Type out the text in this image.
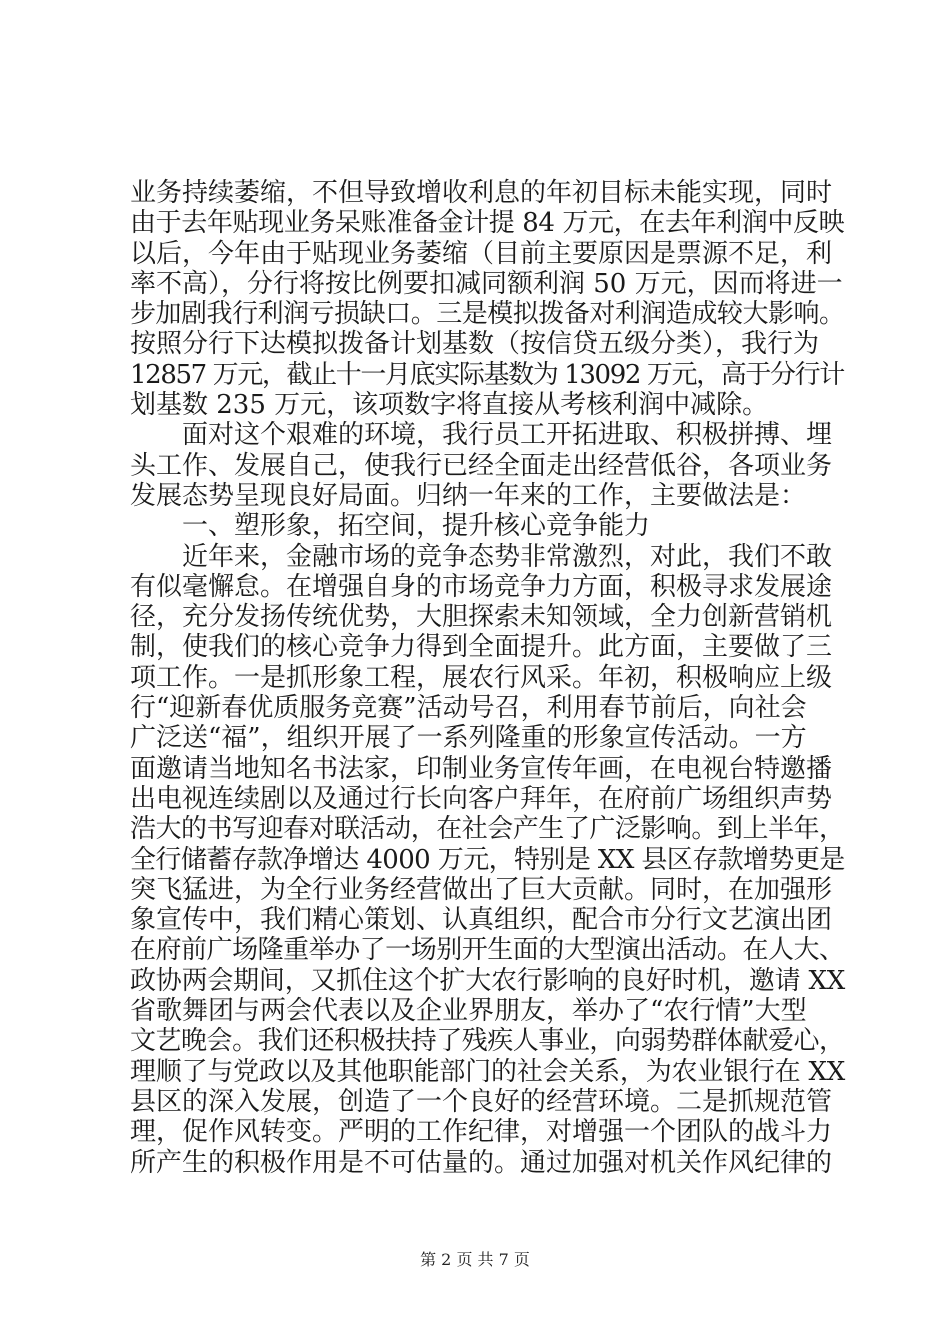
业务持续萎缩，不但导致增收利息的年初目标未能实现，同时
由于去年贴现业务呆账准备金计提 84 万元，在去年利润中反映
以后，今年由于贴现业务萎缩（目前主要原因是票源不足，利
率不高），分行将按比例要扣减同额利润 50 万元，因而将进一
步加剧我行利润亏损缺口。三是模拟拨备对利润造成较大影响。
按照分行下达模拟拨备计划基数（按信贷五级分类），我行为
12857 万元，截止十一月底实际基数为 13092 万元，高于分行计
划基数 235 万元，该项数字将直接从考核利润中减除。
　　面对这个艰难的环境，我行员工开拓进取、积极拼搏、埋
头工作、发展自己，使我行已经全面走出经营低谷，各项业务
发展态势呈现良好局面。归纳一年来的工作，主要做法是：
　　一、塑形象，拓空间，提升核心竞争能力
　　近年来，金融市场的竞争态势非常激烈，对此，我们不敢
有似毫懈怠。在增强自身的市场竞争力方面，积极寻求发展途
径，充分发扬传统优势，大胆探索未知领域，全力创新营销机
制，使我们的核心竞争力得到全面提升。此方面，主要做了三
项工作。一是抓形象工程，展农行风采。年初，积极响应上级
行“迎新春优质服务竞赛”活动号召，利用春节前后，向社会
广泛送“福”，组织开展了一系列隆重的形象宣传活动。一方
面邀请当地知名书法家，印制业务宣传年画，在电视台特邀播
出电视连续剧以及通过行长向客户拜年，在府前广场组织声势
浩大的书写迎春对联活动，在社会产生了广泛影响。到上半年，
全行储蓄存款净增达 4000 万元，特别是 XX 县区存款增势更是
突飞猛进，为全行业务经营做出了巨大贡献。同时，在加强形
象宣传中，我们精心策划、认真组织，配合市分行文艺演出团
在府前广场隆重举办了一场别开生面的大型演出活动。在人大、
政协两会期间，又抓住这个扩大农行影响的良好时机，邀请 XX
省歌舞团与两会代表以及企业界朋友，举办了“农行情”大型
文艺晚会。我们还积极扶持了残疾人事业，向弱势群体献爱心，
理顺了与党政以及其他职能部门的社会关系，为农业银行在 XX
县区的深入发展，创造了一个良好的经营环境。二是抓规范管
理，促作风转变。严明的工作纪律，对增强一个团队的战斗力
所产生的积极作用是不可估量的。通过加强对机关作风纪律的
第 2 页 共 7 页
